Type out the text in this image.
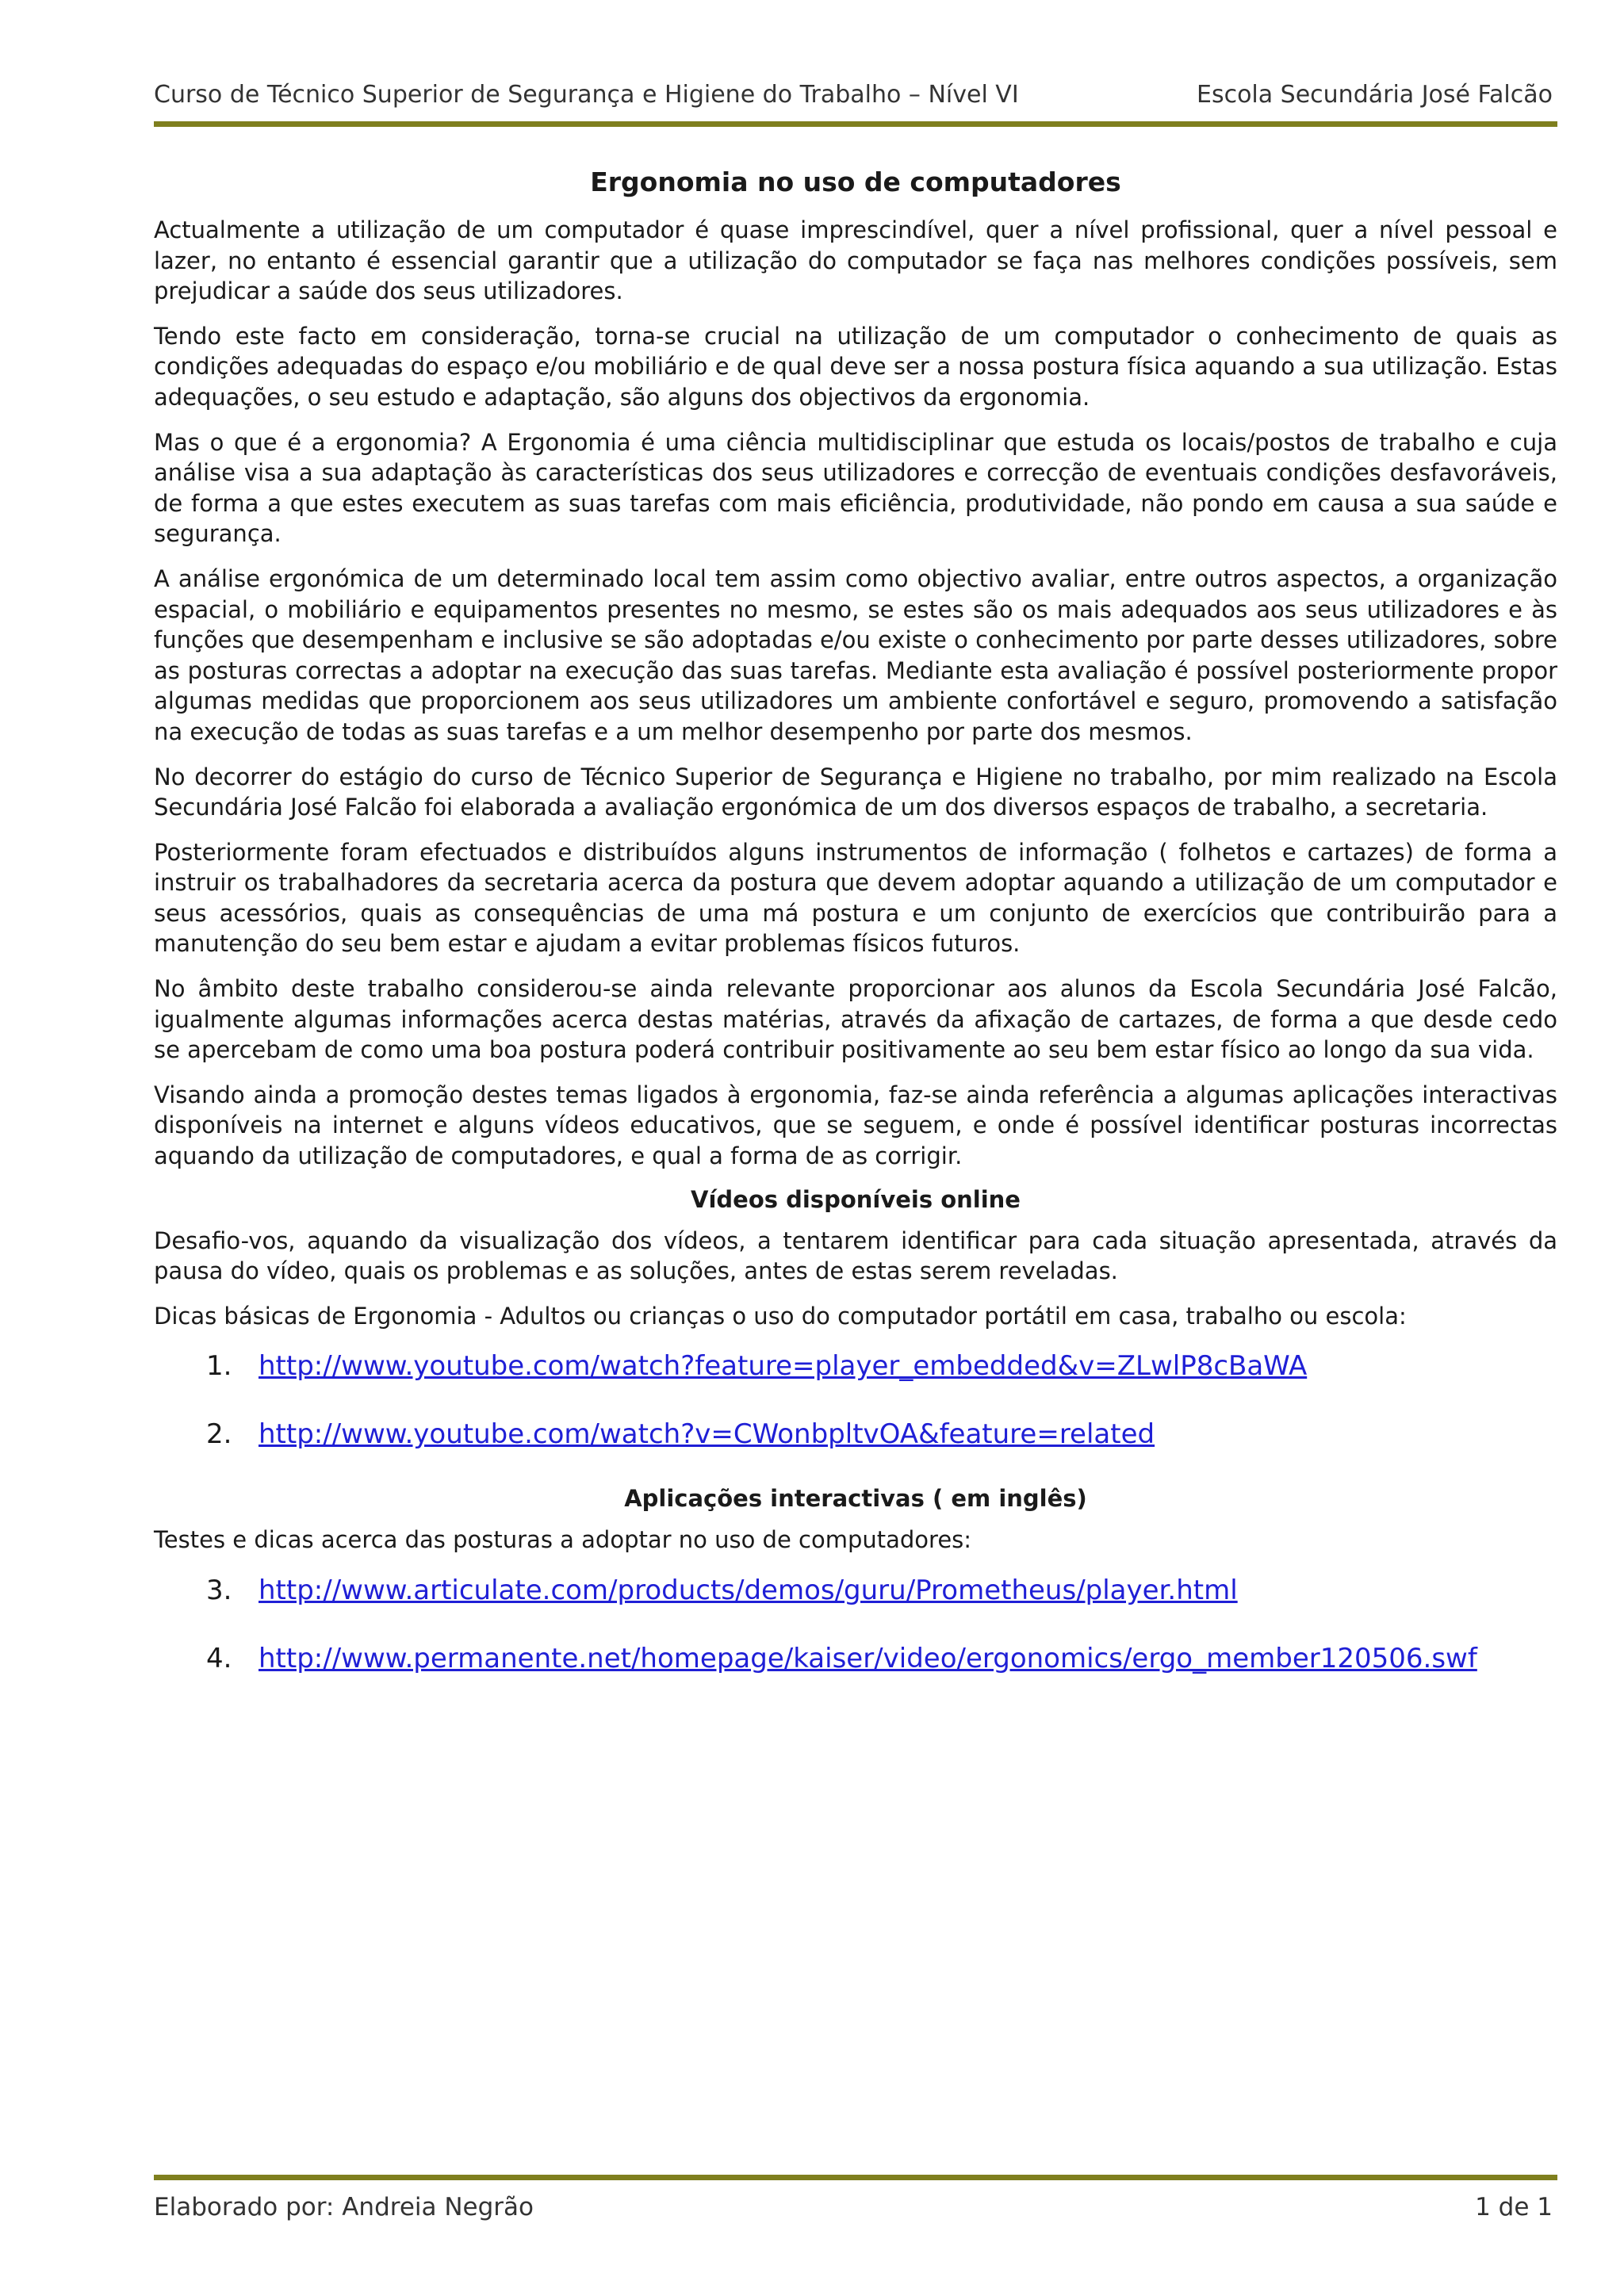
Curso de Técnico Superior de Segurança e Higiene do Trabalho – Nível VI	Escola Secundária José Falcão
Ergonomia no uso de computadores

Actualmente a utilização de um computador é quase imprescindível, quer a nível profissional, quer a nível pessoal e lazer, no entanto é essencial garantir que a utilização do computador se faça nas melhores condições possíveis, sem prejudicar a saúde dos seus utilizadores.

Tendo este facto em consideração, torna-se crucial na utilização de um computador o conhecimento de quais as condições adequadas do espaço e/ou mobiliário e de qual deve ser a nossa postura física aquando a sua utilização. Estas adequações, o seu estudo e adaptação, são alguns dos objectivos da ergonomia.

Mas o que é a ergonomia? A Ergonomia é uma ciência multidisciplinar que estuda os locais/postos de trabalho e cuja análise visa a sua adaptação às características dos seus utilizadores e correcção de eventuais condições desfavoráveis, de forma a que estes executem as suas tarefas com mais eficiência, produtividade, não pondo em causa a sua saúde e segurança.

A análise ergonómica de um determinado local tem assim como objectivo avaliar, entre outros aspectos, a organização espacial, o mobiliário e equipamentos presentes no mesmo, se estes são os mais adequados aos seus utilizadores e às funções que desempenham e inclusive se são adoptadas e/ou existe o conhecimento por parte desses utilizadores, sobre as posturas correctas a adoptar na execução das suas tarefas. Mediante esta avaliação é possível posteriormente propor algumas medidas que proporcionem aos seus utilizadores um ambiente confortável e seguro, promovendo a satisfação na execução de todas as suas tarefas e a um melhor desempenho por parte dos mesmos.

No decorrer do estágio do curso de Técnico Superior de Segurança e Higiene no trabalho, por mim realizado na Escola Secundária José Falcão foi elaborada a avaliação ergonómica de um dos diversos espaços de trabalho, a secretaria.

Posteriormente foram efectuados e distribuídos alguns instrumentos de informação ( folhetos e cartazes) de forma a instruir os trabalhadores da secretaria acerca da postura que devem adoptar aquando a utilização de um computador e seus acessórios, quais as consequências de uma má postura e um conjunto de exercícios que contribuirão para a manutenção do seu bem estar e ajudam a evitar problemas físicos futuros.

No âmbito deste trabalho considerou-se ainda relevante proporcionar aos alunos da Escola Secundária José Falcão, igualmente algumas informações acerca destas matérias, através da afixação de cartazes, de forma a que desde cedo se apercebam de como uma boa postura poderá contribuir positivamente ao seu bem estar físico ao longo da sua vida.

Visando ainda a promoção destes temas ligados à ergonomia, faz-se ainda referência a algumas aplicações interactivas disponíveis na internet e alguns vídeos educativos, que se seguem, e onde é possível identificar posturas incorrectas aquando da utilização de computadores, e qual a forma de as corrigir.

Vídeos disponíveis online

Desafio-vos, aquando da visualização dos vídeos, a tentarem identificar para cada situação apresentada, através da pausa do vídeo, quais os problemas e as soluções, antes de estas serem reveladas.

Dicas básicas de Ergonomia - Adultos ou crianças o uso do computador portátil em casa, trabalho ou escola:

1. http://www.youtube.com/watch?feature=player_embedded&v=ZLwlP8cBaWA
2. http://www.youtube.com/watch?v=CWonbpltvOA&feature=related
Aplicações interactivas ( em inglês)

Testes e dicas acerca das posturas a adoptar no uso de computadores:

3. http://www.articulate.com/products/demos/guru/Prometheus/player.html
4. http://www.permanente.net/homepage/kaiser/video/ergonomics/ergo_member120506.swf
Elaborado por: Andreia Negrão	1 de 1
